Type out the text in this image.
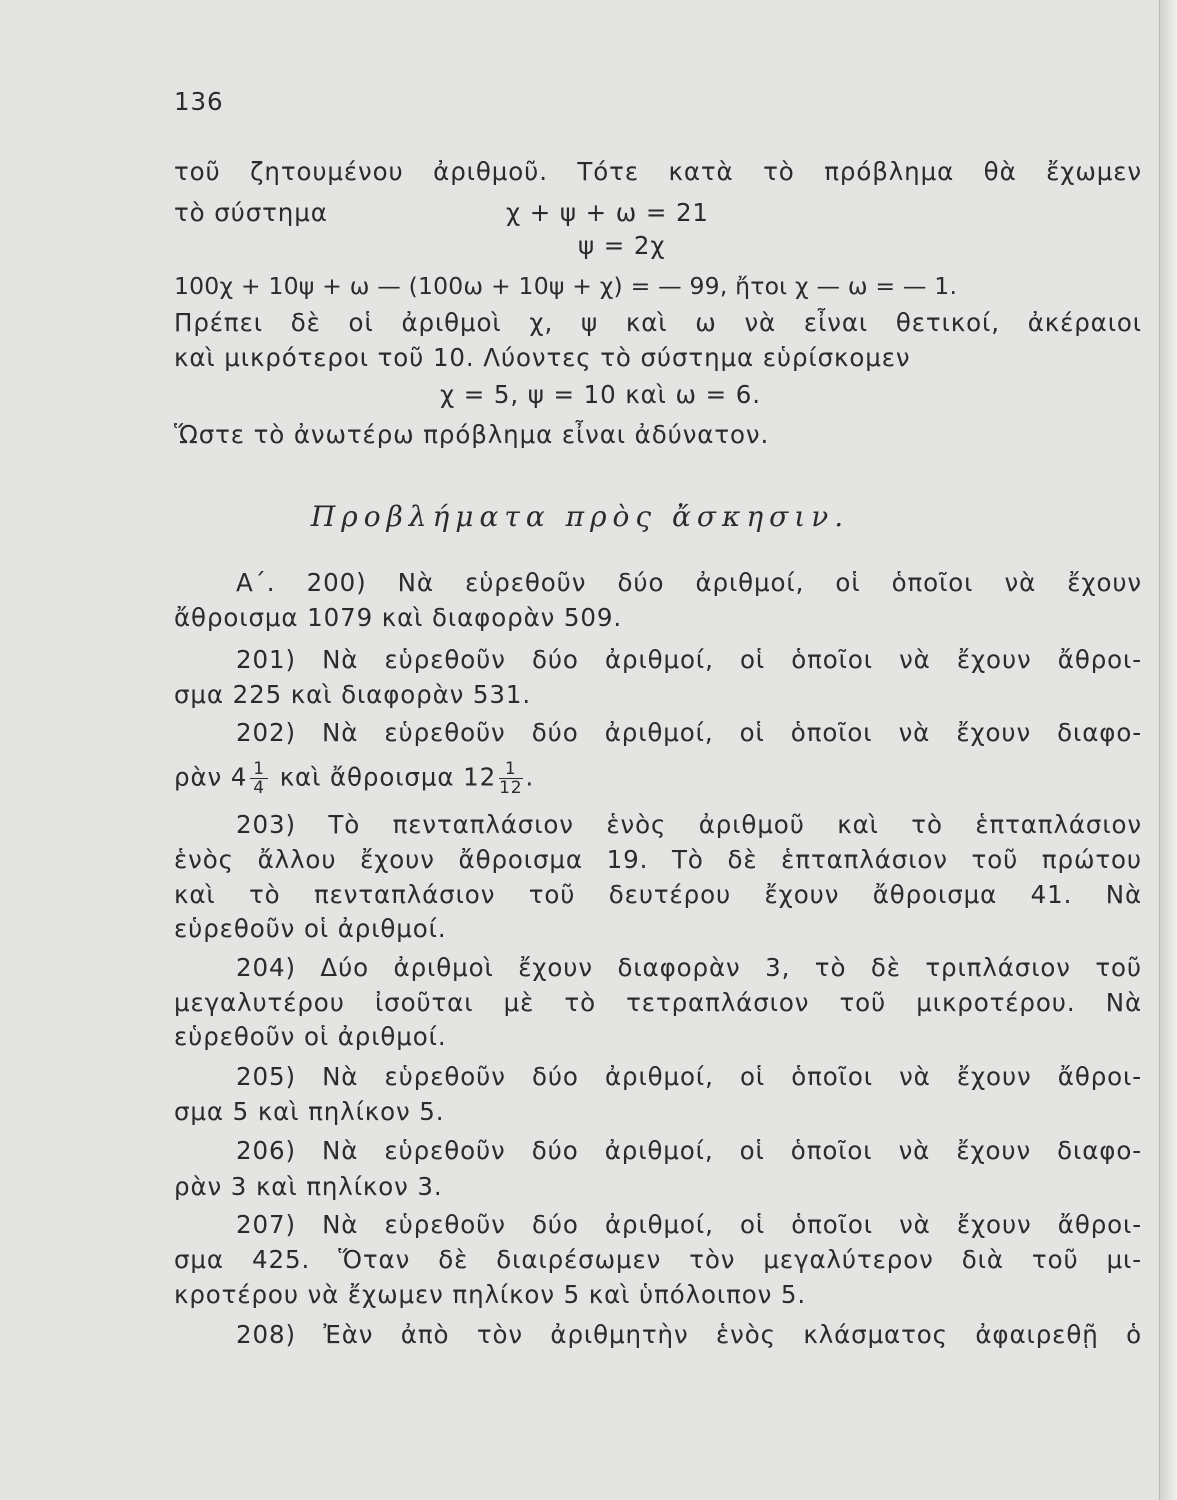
136
τοῦ ζητουμένου ἀριθμοῦ. Τότε κατὰ τὸ πρόβλημα θὰ ἔχωμεν
τὸ σύστημα	χ + ψ + ω = 21
ψ = 2χ
100χ + 10ψ + ω — (100ω + 10ψ + χ) = — 99, ἤτοι χ — ω = — 1.
Πρέπει δὲ οἱ ἀριθμοὶ χ, ψ καὶ ω νὰ εἶναι θετικοί, ἀκέραιοι
καὶ μικρότεροι τοῦ 10. Λύοντες τὸ σύστημα εὑρίσκομεν
χ = 5, ψ = 10 καὶ ω = 6.
Ὥστε τὸ ἀνωτέρω πρόβλημα εἶναι ἀδύνατον.
Προβλήματα πρὸς ἄσκησιν.
Α΄. 200) Νὰ εὑρεθοῦν δύο ἀριθμοί, οἱ ὁποῖοι νὰ ἔχουν
ἄθροισμα 1079 καὶ διαφορὰν 509.
201) Νὰ εὑρεθοῦν δύο ἀριθμοί, οἱ ὁποῖοι νὰ ἔχουν ἄθροι-
σμα 225 καὶ διαφορὰν 531.
202) Νὰ εὑρεθοῦν δύο ἀριθμοί, οἱ ὁποῖοι νὰ ἔχουν διαφο-
ρὰν $4 \frac{1}{4}$ καὶ ἄθροισμα $12 \frac{1}{12}$ .
203) Τὸ πενταπλάσιον ἑνὸς ἀριθμοῦ καὶ τὸ ἑπταπλάσιον
ἑνὸς ἄλλου ἔχουν ἄθροισμα 19. Τὸ δὲ ἑπταπλάσιον τοῦ πρώτου
καὶ τὸ πενταπλάσιον τοῦ δευτέρου ἔχουν ἄθροισμα 41. Νὰ
εὑρεθοῦν οἱ ἀριθμοί.
204) Δύο ἀριθμοὶ ἔχουν διαφορὰν 3, τὸ δὲ τριπλάσιον τοῦ
μεγαλυτέρου ἰσοῦται μὲ τὸ τετραπλάσιον τοῦ μικροτέρου. Νὰ
εὑρεθοῦν οἱ ἀριθμοί.
205) Νὰ εὑρεθοῦν δύο ἀριθμοί, οἱ ὁποῖοι νὰ ἔχουν ἄθροι-
σμα 5 καὶ πηλίκον 5.
206) Νὰ εὑρεθοῦν δύο ἀριθμοί, οἱ ὁποῖοι νὰ ἔχουν διαφο-
ρὰν 3 καὶ πηλίκον 3.
207) Νὰ εὑρεθοῦν δύο ἀριθμοί, οἱ ὁποῖοι νὰ ἔχουν ἄθροι-
σμα 425. Ὅταν δὲ διαιρέσωμεν τὸν μεγαλύτερον διὰ τοῦ μι-
κροτέρου νὰ ἔχωμεν πηλίκον 5 καὶ ὑπόλοιπον 5.
208) Ἐὰν ἀπὸ τὸν ἀριθμητὴν ἑνὸς κλάσματος ἀφαιρεθῇ ὁ
